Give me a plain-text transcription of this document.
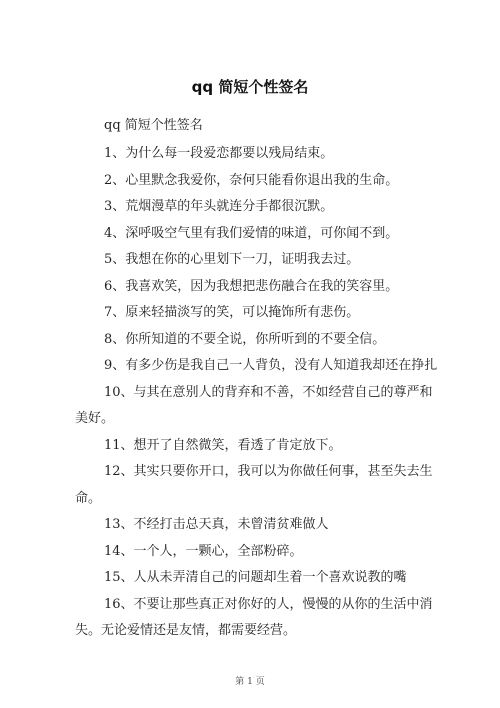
qq 简短个性签名
qq 简短个性签名
1、为什么每一段爱恋都要以残局结束。
2、心里默念我爱你，奈何只能看你退出我的生命。
3、荒烟漫草的年头就连分手都很沉默。
4、深呼吸空气里有我们爱情的味道，可你闻不到。
5、我想在你的心里划下一刀，证明我去过。
6、我喜欢笑，因为我想把悲伤融合在我的笑容里。
7、原来轻描淡写的笑，可以掩饰所有悲伤。
8、你所知道的不要全说，你所听到的不要全信。
9、有多少伤是我自己一人背负，没有人知道我却还在挣扎
10、与其在意别人的背弃和不善，不如经营自己的尊严和
美好。
11、想开了自然微笑，看透了肯定放下。
12、其实只要你开口，我可以为你做任何事，甚至失去生
命。
13、不经打击总天真，未曾清贫难做人
14、一个人，一颗心，全部粉碎。
15、人从未弄清自己的问题却生着一个喜欢说教的嘴
16、不要让那些真正对你好的人，慢慢的从你的生活中消
失。无论爱情还是友情，都需要经营。
第 1 页
